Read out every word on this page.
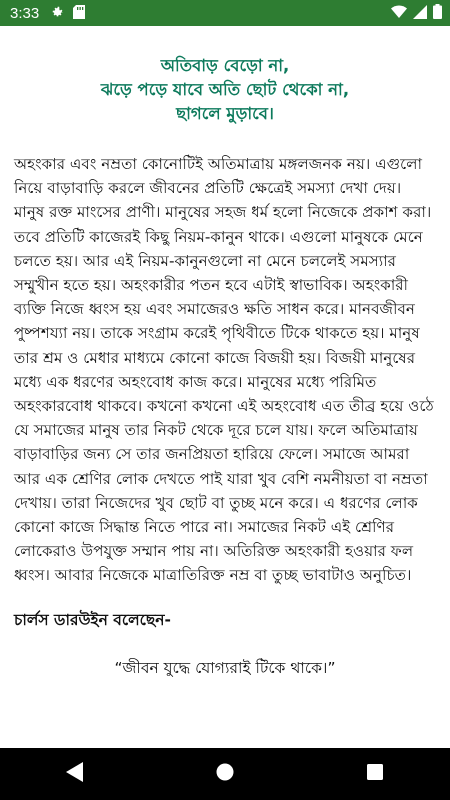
3:33
অতিবাড় বেড়ো না,
ঝড়ে পড়ে যাবে অতি ছোট থেকো না,
ছাগলে মুড়াবে।
অহংকার এবং নম্রতা কোনোটিই অতিমাত্রায় মঙ্গলজনক নয়। এগুলো নিয়ে বাড়াবাড়ি করলে জীবনের প্রতিটি ক্ষেত্রেই সমস্যা দেখা দেয়। মানুষ রক্ত মাংসের প্রাণী। মানুষের সহজ ধর্ম হলো নিজেকে প্রকাশ করা। তবে প্রতিটি কাজেরই কিছু নিয়ম-কানুন থাকে। এগুলো মানুষকে মেনে চলতে হয়। আর এই নিয়ম-কানুনগুলো না মেনে চললেই সমস্যার সম্মুখীন হতে হয়। অহংকারীর পতন হবে এটাই স্বাভাবিক। অহংকারী ব্যক্তি নিজে ধ্বংস হয় এবং সমাজেরও ক্ষতি সাধন করে। মানবজীবন পুষ্পশয্যা নয়। তাকে সংগ্রাম করেই পৃথিবীতে টিকে থাকতে হয়। মানুষ তার শ্রম ও মেধার মাধ্যমে কোনো কাজে বিজয়ী হয়। বিজয়ী মানুষের মধ্যে এক ধরণের অহংবোধ কাজ করে। মানুষের মধ্যে পরিমিত অহংকারবোধ থাকবে। কখনো কখনো এই অহংবোধ এত তীব্র হয়ে ওঠে যে সমাজের মানুষ তার নিকট থেকে দূরে চলে যায়। ফলে অতিমাত্রায় বাড়াবাড়ির জন্য সে তার জনপ্রিয়তা হারিয়ে ফেলে। সমাজে আমরা আর এক শ্রেণির লোক দেখতে পাই যারা খুব বেশি নমনীয়তা বা নম্রতা দেখায়। তারা নিজেদের খুব ছোট বা তুচ্ছ মনে করে। এ ধরণের লোক কোনো কাজে সিদ্ধান্ত নিতে পারে না। সমাজের নিকট এই শ্রেণির লোকেরাও উপযুক্ত সম্মান পায় না। অতিরিক্ত অহংকারী হওয়ার ফল ধ্বংস। আবার নিজেকে মাত্রাতিরিক্ত নম্র বা তুচ্ছ ভাবাটাও অনুচিত।
চার্লস ডারউইন বলেছেন-
“জীবন যুদ্ধে যোগ্যরাই টিকে থাকে।”
